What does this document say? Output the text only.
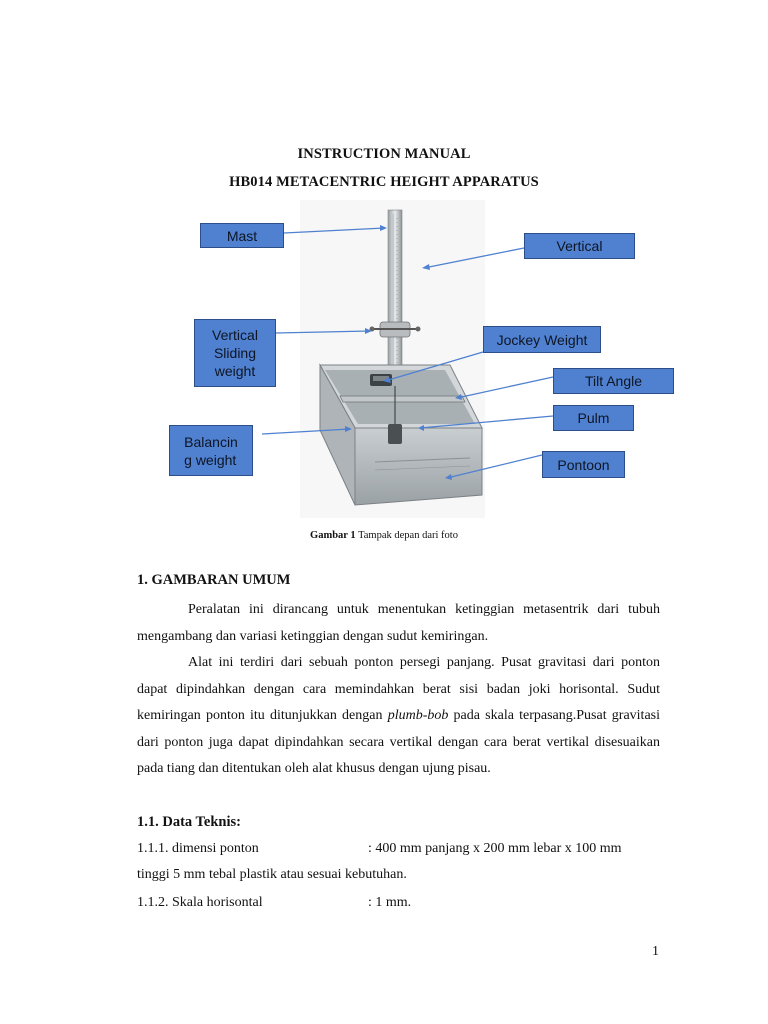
INSTRUCTION MANUAL
HB014 METACENTRIC HEIGHT APPARATUS
Mast
Vertical
Vertical
Sliding
weight
Jockey Weight
Tilt Angle
Pulm
Balancin
g weight	Pontoon
Gambar 1 Tampak depan dari foto
1. GAMBARAN UMUM

Peralatan ini dirancang untuk menentukan ketinggian metasentrik dari tubuh mengambang dan variasi ketinggian dengan sudut kemiringan.

Alat ini terdiri dari sebuah ponton persegi panjang. Pusat gravitasi dari ponton dapat dipindahkan dengan cara memindahkan berat sisi badan joki horisontal. Sudut kemiringan ponton itu ditunjukkan dengan plumb-bob pada skala terpasang.Pusat gravitasi dari ponton juga dapat dipindahkan secara vertikal dengan cara berat vertikal disesuaikan pada tiang dan ditentukan oleh alat khusus dengan ujung pisau.

1.1. Data Teknis:
1.1.1. dimensi ponton	: 400 mm panjang x 200 mm lebar x 100 mm
tinggi 5 mm tebal plastik atau sesuai kebutuhan.
1.1.2. Skala horisontal	: 1 mm.
1
